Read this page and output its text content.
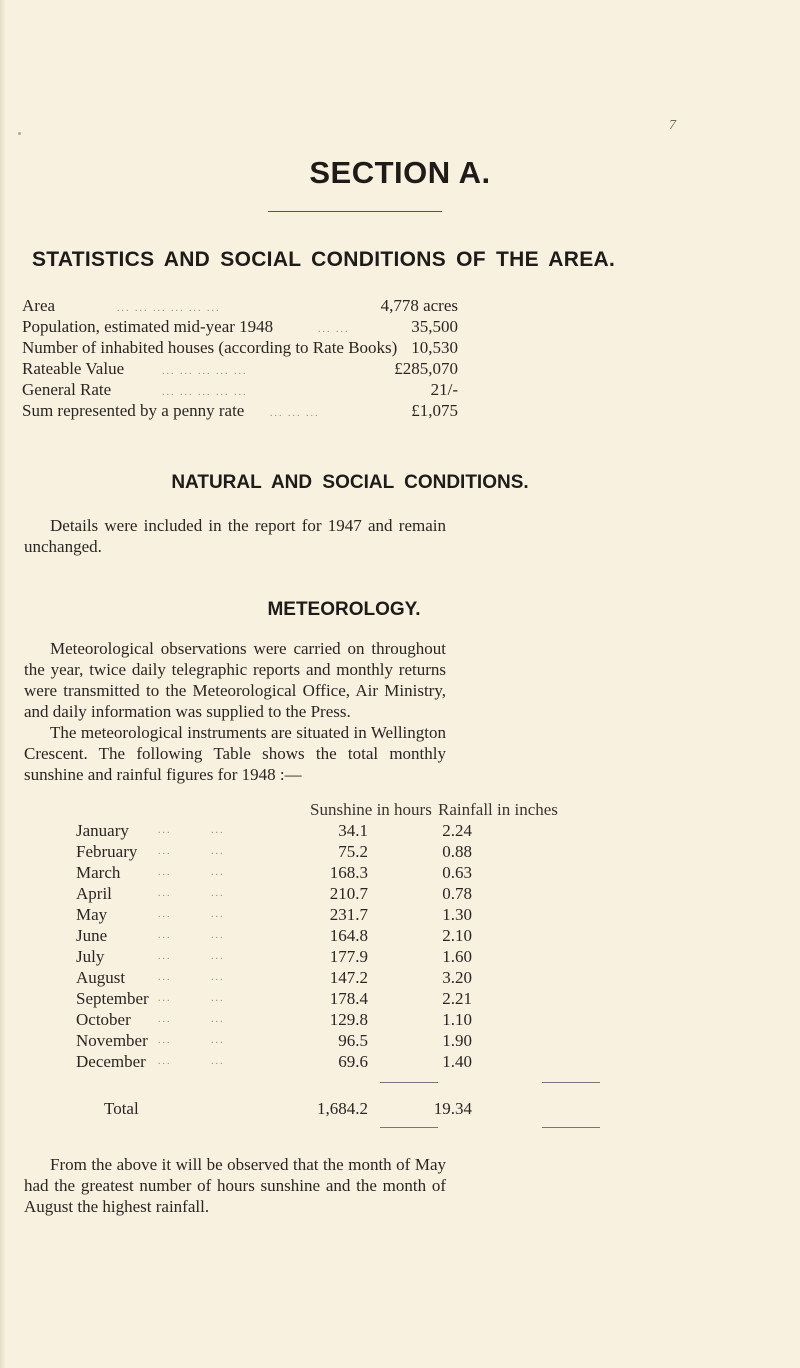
7
SECTION A.
STATISTICS AND SOCIAL CONDITIONS OF THE AREA.
Area	... ... ... ... ... ...	4,778 acres
Population, estimated mid-year 1948	... ...	35,500
Number of inhabited houses (according to Rate Books) 10,530
Rateable Value	... ... ... ... ...	£285,070
General Rate	... ... ... ... ...	21/-
Sum represented by a penny rate	... ... ...	£1,075
NATURAL AND SOCIAL CONDITIONS.

Details were included in the report for 1947 and remain unchanged.

METEOROLOGY.

Meteorological observations were carried on throughout the year, twice daily telegraphic reports and monthly returns were transmitted to the Meteorological Office, Air Ministry, and daily information was supplied to the Press.

The meteorological instruments are situated in Wellington Crescent. The following Table shows the total monthly sunshine and rainful figures for 1948 :—

Sunshine in hours Rainfall in inches
January	...	...	34.1	2.24
February ...	...	75.2	0.88
March	...	...	168.3	0.63
April	...	...	210.7	0.78
May	...	...	231.7	1.30
June	...	...	164.8	2.10
July	...	...	177.9	1.60
August	...	...	147.2	3.20
September ...	...	178.4	2.21
October	...	...	129.8	1.10
November ...	...	96.5	1.90
December ...	...	69.6	1.40
Total	1,684.2	19.34

From the above it will be observed that the month of May had the greatest number of hours sunshine and the month of August the highest rainfall.
